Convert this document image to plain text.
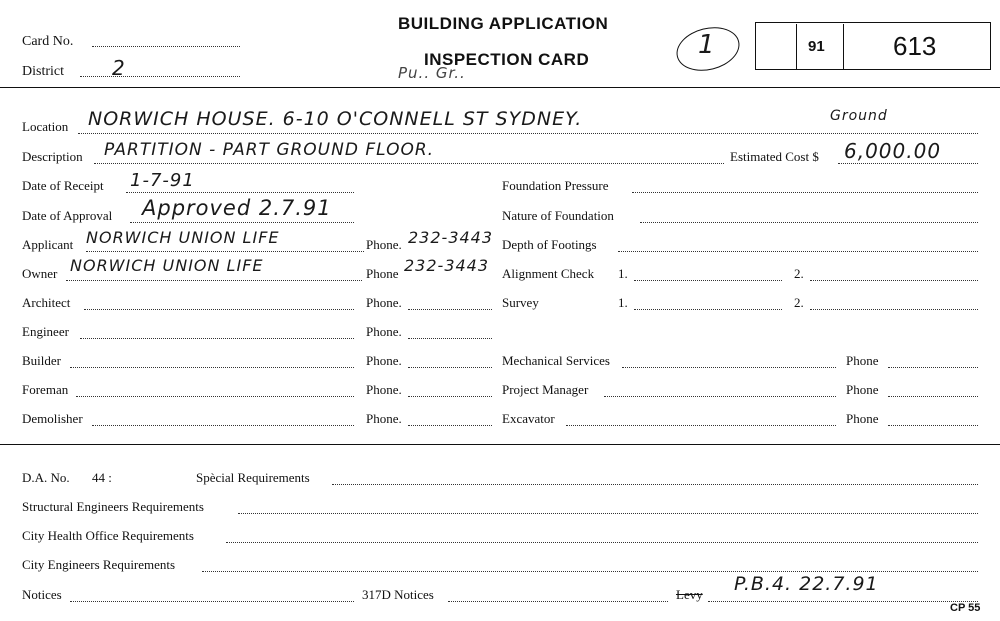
Card No.
District 2
BUILDING APPLICATION
INSPECTION CARD
Pu.. Gr..
1	91	613
Location NORWICH HOUSE. 6-10 O'CONNELL ST SYDNEY.	Ground
Description PARTITION - PART GROUND FLOOR.	Estimated Cost $ 6,000.00
Date of Receipt 1-7-91
Date of Approval Approved 2.7.91
Applicant NORWICH UNION LIFE	Phone. 232-3443
Owner NORWICH UNION LIFE	Phone 232-3443
Architect	Phone.
Engineer	Phone.
Builder	Phone.
Foreman	Phone.
Demolisher	Phone.
Foundation Pressure
Nature of Foundation
Depth of Footings
Alignment Check 1.	2.
Survey	1.	2.
Mechanical Services	Phone
Project Manager	Phone
Excavator	Phone
D.A. No. 44 :	Spècial Requirements
Structural Engineers Requirements
City Health Office Requirements
City Engineers Requirements
Notices	317D Notices	Levy P.B.4. 22.7.91
CP 55
